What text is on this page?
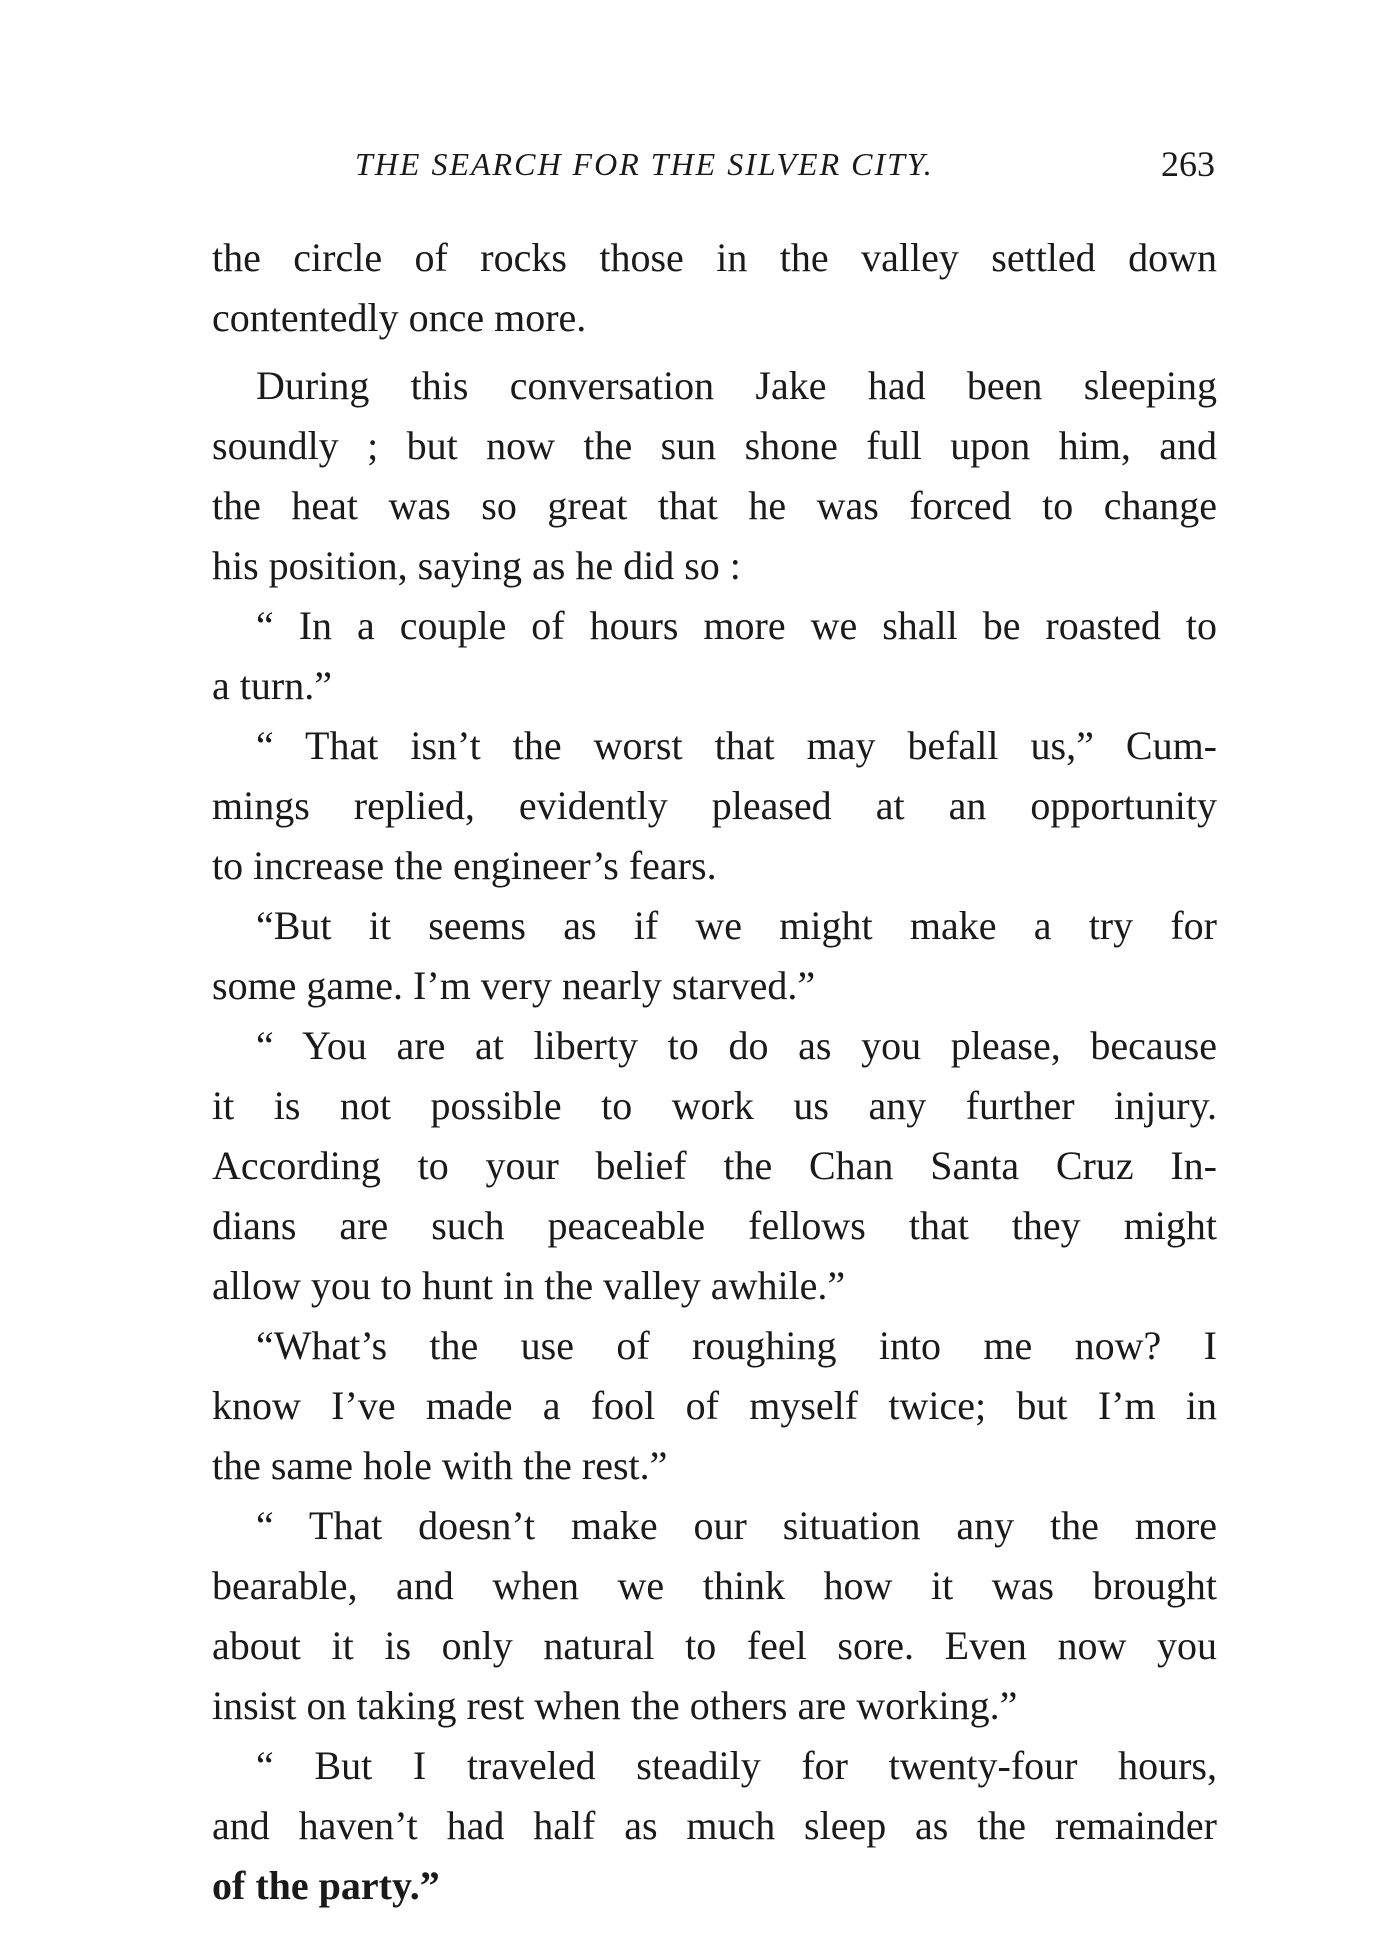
THE SEARCH FOR THE SILVER CITY.	263
the circle of rocks those in the valley settled down
contentedly once more.
During this conversation Jake had been sleeping
soundly ; but now the sun shone full upon him, and
the heat was so great that he was forced to change
his position, saying as he did so :
“ In a couple of hours more we shall be roasted to
a turn.”
“ That isn’t the worst that may befall us,” Cum-
mings replied, evidently pleased at an opportunity
to increase the engineer’s fears.
“But it seems as if we might make a try for
some game. I’m very nearly starved.”
“ You are at liberty to do as you please, because
it is not possible to work us any further injury.
According to your belief the Chan Santa Cruz In-
dians are such peaceable fellows that they might
allow you to hunt in the valley awhile.”
“What’s the use of roughing into me now? I
know I’ve made a fool of myself twice; but I’m in
the same hole with the rest.”
“ That doesn’t make our situation any the more
bearable, and when we think how it was brought
about it is only natural to feel sore. Even now you
insist on taking rest when the others are working.”
“ But I traveled steadily for twenty-four hours,
and haven’t had half as much sleep as the remainder
of the party.”
